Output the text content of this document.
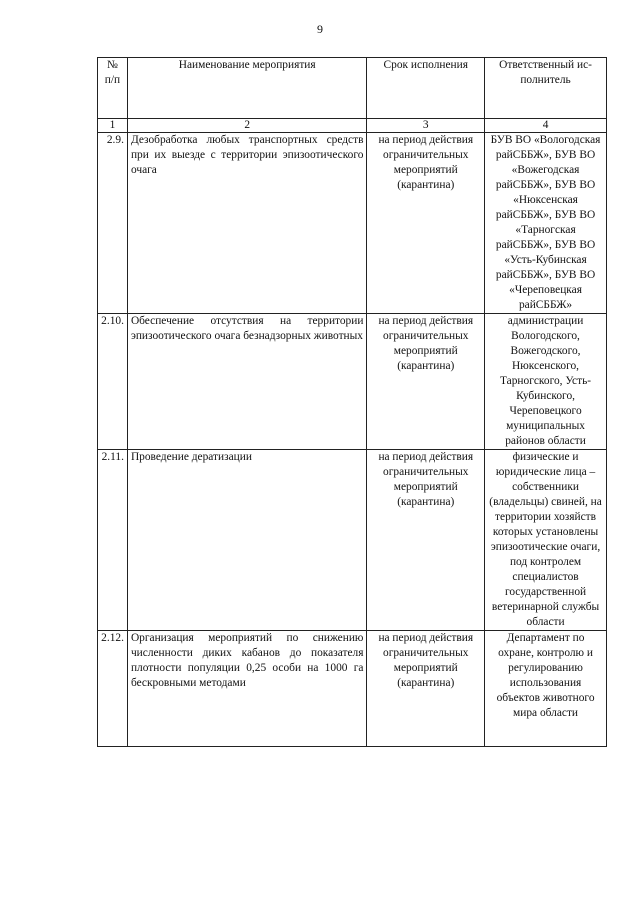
9
№ п/п	Наименование мероприятия	Срок исполнения	Ответственный ис-полнитель
1	2	3	4
2.9.	Дезобработка любых транспортных средств при их выезде с территории эпизоотического очага	на период действия ограничительных мероприятий (карантина)	БУВ ВО «Вологодская райСББЖ», БУВ ВО «Вожегодская райСББЖ», БУВ ВО «Нюксенская райСББЖ», БУВ ВО «Тарногская райСББЖ», БУВ ВО «Усть-Кубинская райСББЖ», БУВ ВО «Череповецкая райСББЖ»
2.10.	Обеспечение отсутствия на территории эпизоотического очага безнадзорных животных	на период действия ограничительных мероприятий (карантина)	администрации Вологодского, Вожегодского, Нюксенского, Тарногского, Усть-Кубинского, Череповецкого муниципальных районов области
2.11.	Проведение дератизации	на период действия ограничительных мероприятий (карантина)	физические и юридические лица – собственники (владельцы) свиней, на территории хозяйств которых установлены эпизоотические очаги, под контролем специалистов государственной ветеринарной службы области
2.12.	Организация мероприятий по снижению численности диких кабанов до показателя плотности популяции 0,25 особи на 1000 га бескровными методами	на период действия ограничительных мероприятий (карантина)	Департамент по охране, контролю и регулированию использования объектов животного мира области
